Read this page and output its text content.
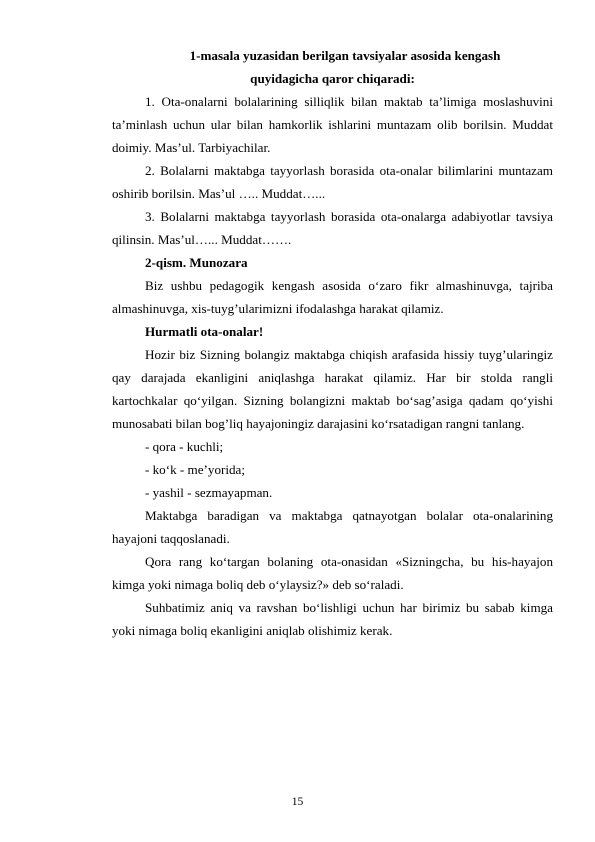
1-masala yuzasidan berilgan tavsiyalar asosida kengash
quyidagicha qaror chiqaradi:

1. Ota-onalarni bolalarining silliqlik bilan maktab ta’limiga moslashuvini ta’minlash uchun ular bilan hamkorlik ishlarini muntazam olib borilsin. Muddat doimiy. Mas’ul. Tarbiyachilar.

2. Bolalarni maktabga tayyorlash borasida ota-onalar bilimlarini muntazam oshirib borilsin. Mas’ul ….. Muddat…...

3. Bolalarni maktabga tayyorlash borasida ota-onalarga adabiyotlar tavsiya qilinsin. Mas’ul…... Muddat…….

2-qism. Munozara

Biz ushbu pedagogik kengash asosida o‘zaro fikr almashinuvga, tajriba almashinuvga, xis-tuyg’ularimizni ifodalashga harakat qilamiz.

Hurmatli ota-onalar!

Hozir biz Sizning bolangiz maktabga chiqish arafasida hissiy tuyg’ularingiz qay darajada ekanligini aniqlashga harakat qilamiz. Har bir stolda rangli kartochkalar qo‘yilgan. Sizning bolangizni maktab bo‘sag’asiga qadam qo‘yishi munosabati bilan bog’liq hayajoningiz darajasini ko‘rsatadigan rangni tanlang.

- qora - kuchli;

- ko‘k - me’yorida;

- yashil - sezmayapman.

Maktabga baradigan va maktabga qatnayotgan bolalar ota-onalarining hayajoni taqqoslanadi.

Qora rang ko‘targan bolaning ota-onasidan «Sizningcha, bu his-hayajon kimga yoki nimaga boliq deb o‘ylaysiz?» deb so‘raladi.

Suhbatimiz aniq va ravshan bo‘lishligi uchun har birimiz bu sabab kimga yoki nimaga boliq ekanligini aniqlab olishimiz kerak.

15
